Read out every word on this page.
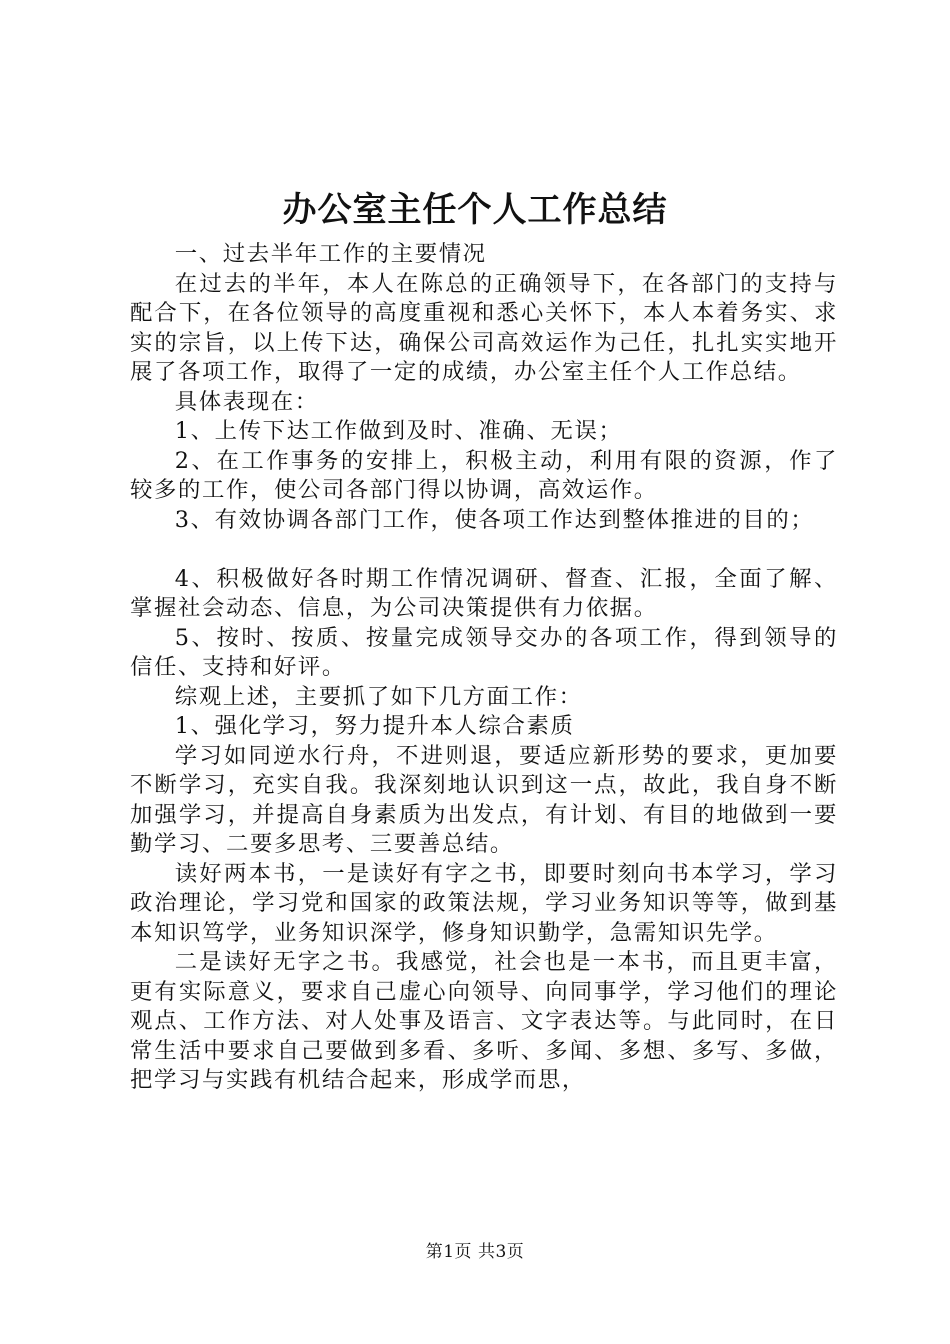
办公室主任个人工作总结

一、过去半年工作的主要情况

在过去的半年，本人在陈总的正确领导下，在各部门的支持与配合下，在各位领导的高度重视和悉心关怀下，本人本着务实、求实的宗旨，以上传下达，确保公司高效运作为己任，扎扎实实地开展了各项工作，取得了一定的成绩，办公室主任个人工作总结。

具体表现在：

1、上传下达工作做到及时、准确、无误；

2、在工作事务的安排上，积极主动，利用有限的资源，作了较多的工作，使公司各部门得以协调，高效运作。

3、有效协调各部门工作，使各项工作达到整体推进的目的；

4、积极做好各时期工作情况调研、督查、汇报，全面了解、掌握社会动态、信息，为公司决策提供有力依据。

5、按时、按质、按量完成领导交办的各项工作，得到领导的信任、支持和好评。

综观上述，主要抓了如下几方面工作：

1、强化学习，努力提升本人综合素质

学习如同逆水行舟，不进则退，要适应新形势的要求，更加要不断学习，充实自我。我深刻地认识到这一点，故此，我自身不断加强学习，并提高自身素质为出发点，有计划、有目的地做到一要勤学习、二要多思考、三要善总结。

读好两本书，一是读好有字之书，即要时刻向书本学习，学习政治理论，学习党和国家的政策法规，学习业务知识等等，做到基本知识笃学，业务知识深学，修身知识勤学，急需知识先学。

二是读好无字之书。我感觉，社会也是一本书，而且更丰富，更有实际意义，要求自己虚心向领导、向同事学，学习他们的理论观点、工作方法、对人处事及语言、文字表达等。与此同时，在日常生活中要求自己要做到多看、多听、多闻、多想、多写、多做，把学习与实践有机结合起来，形成学而思，

第1页 共3页
